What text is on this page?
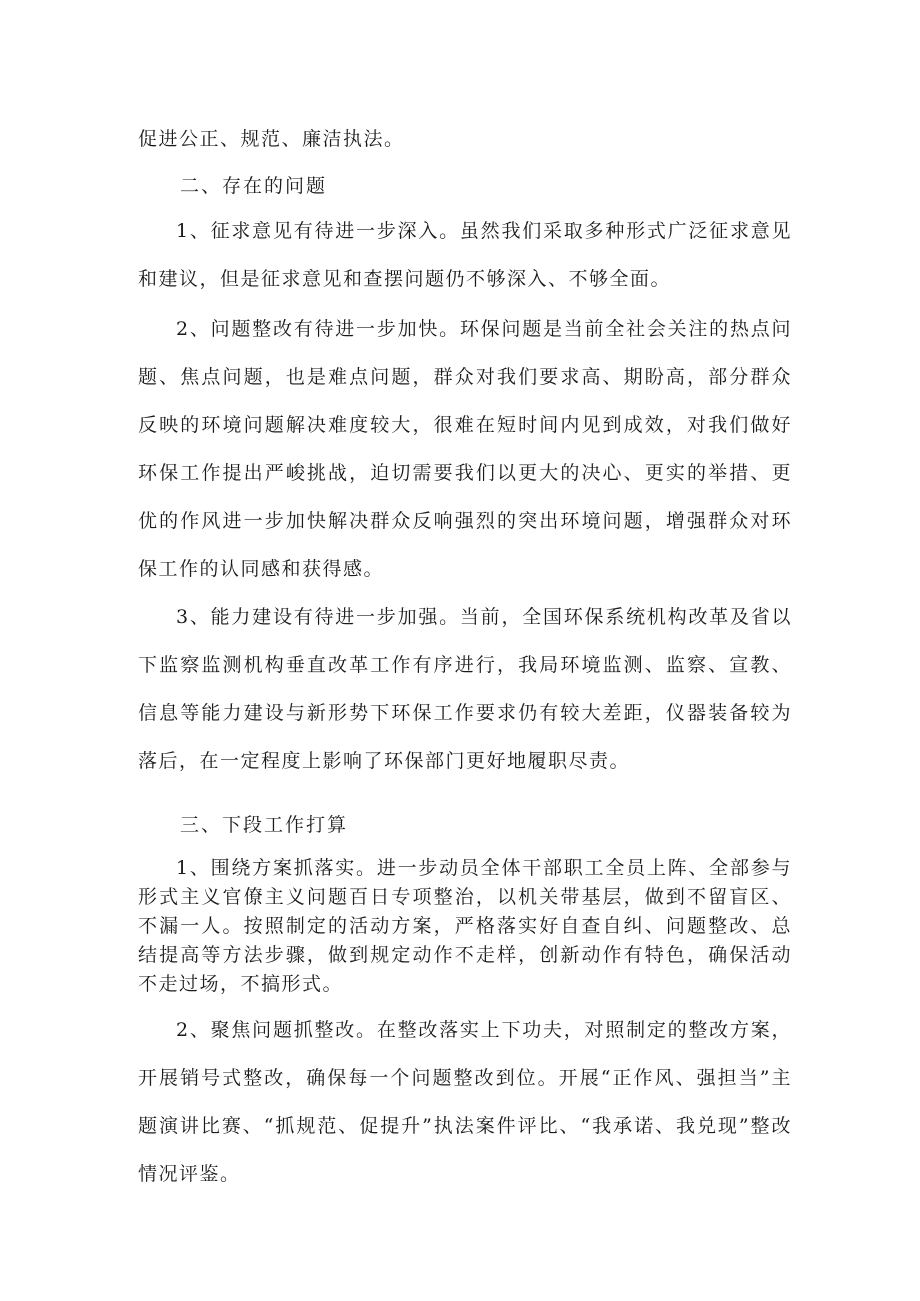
促进公正、规范、廉洁执法。

二、存在的问题

1、征求意见有待进一步深入。虽然我们采取多种形式广泛征求意见和建议，但是征求意见和查摆问题仍不够深入、不够全面。

2、问题整改有待进一步加快。环保问题是当前全社会关注的热点问题、焦点问题，也是难点问题，群众对我们要求高、期盼高，部分群众反映的环境问题解决难度较大，很难在短时间内见到成效，对我们做好环保工作提出严峻挑战，迫切需要我们以更大的决心、更实的举措、更优的作风进一步加快解决群众反响强烈的突出环境问题，增强群众对环保工作的认同感和获得感。

3、能力建设有待进一步加强。当前，全国环保系统机构改革及省以下监察监测机构垂直改革工作有序进行，我局环境监测、监察、宣教、信息等能力建设与新形势下环保工作要求仍有较大差距，仪器装备较为落后，在一定程度上影响了环保部门更好地履职尽责。

三、下段工作打算

1、围绕方案抓落实。进一步动员全体干部职工全员上阵、全部参与形式主义官僚主义问题百日专项整治，以机关带基层，做到不留盲区、不漏一人。按照制定的活动方案，严格落实好自查自纠、问题整改、总结提高等方法步骤，做到规定动作不走样，创新动作有特色，确保活动不走过场，不搞形式。

2、聚焦问题抓整改。在整改落实上下功夫，对照制定的整改方案，开展销号式整改，确保每一个问题整改到位。开展“正作风、强担当”主题演讲比赛、“抓规范、促提升”执法案件评比、“我承诺、我兑现”整改情况评鉴。
